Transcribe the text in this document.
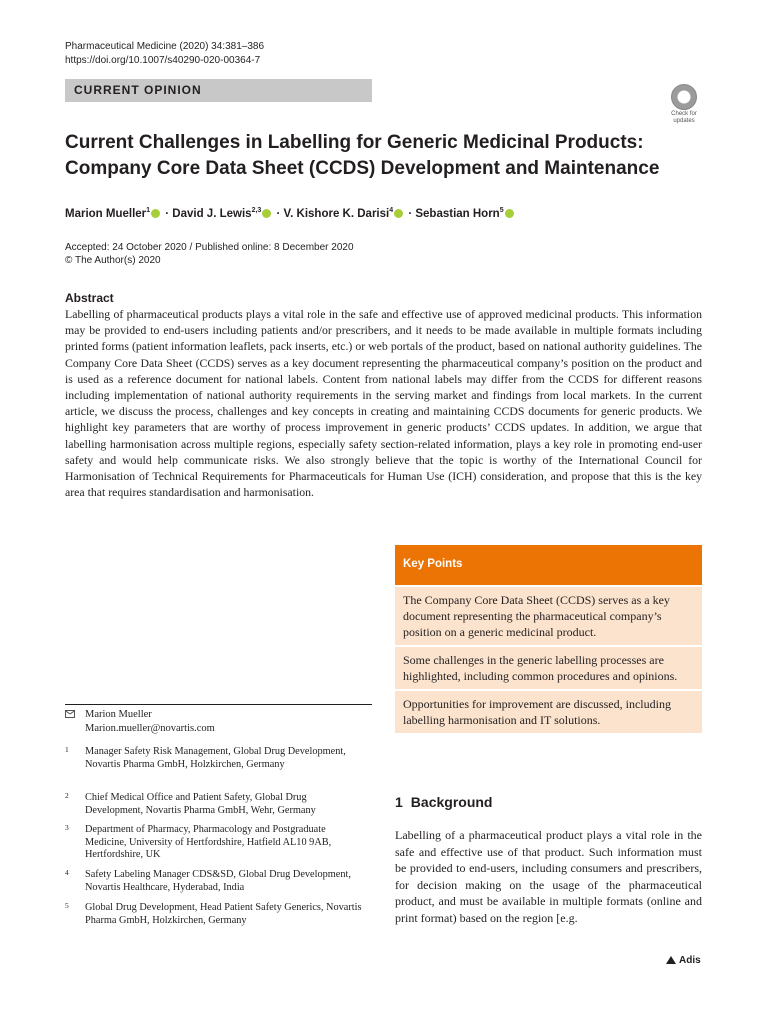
Pharmaceutical Medicine (2020) 34:381–386
https://doi.org/10.1007/s40290-020-00364-7
CURRENT OPINION
Check for
updates
Current Challenges in Labelling for Generic Medicinal Products:
Company Core Data Sheet (CCDS) Development and Maintenance
Marion Mueller$^1$ · David J. Lewis$^{2,3}$ · V. Kishore K. Darisi$^4$ · Sebastian Horn$^5$
Accepted: 24 October 2020 / Published online: 8 December 2020
© The Author(s) 2020
Abstract
Labelling of pharmaceutical products plays a vital role in the safe and effective use of approved medicinal products. This information may be provided to end-users including patients and/or prescribers, and it needs to be made available in multiple formats including printed forms (patient information leaflets, pack inserts, etc.) or web portals of the product, based on national authority guidelines. The Company Core Data Sheet (CCDS) serves as a key document representing the pharmaceutical company’s position on the product and is used as a reference document for national labels. Content from national labels may differ from the CCDS for different reasons including implementation of national authority requirements in the serving market and findings from local markets. In the current article, we discuss the process, challenges and key concepts in creating and maintaining CCDS documents for generic products. We highlight key parameters that are worthy of process improvement in generic products’ CCDS updates. In addition, we argue that labelling harmonisation across multiple regions, especially safety section-related information, plays a key role in promoting end-user safety and would help communicate risks. We also strongly believe that the topic is worthy of the International Council for Harmonisation of Technical Requirements for Pharmaceuticals for Human Use (ICH) consideration, and propose that this is the key area that requires standardisation and harmonisation.
Key Points
The Company Core Data Sheet (CCDS) serves as a key document representing the pharmaceutical company’s position on a generic medicinal product.
Some challenges in the generic labelling processes are highlighted, including common procedures and opinions.
Opportunities for improvement are discussed, including labelling harmonisation and IT solutions.
Marion Mueller
Marion.mueller@novartis.com
1 Manager Safety Risk Management, Global Drug Development, Novartis Pharma GmbH, Holzkirchen, Germany
2 Chief Medical Office and Patient Safety, Global Drug Development, Novartis Pharma GmbH, Wehr, Germany
3 Department of Pharmacy, Pharmacology and Postgraduate Medicine, University of Hertfordshire, Hatfield AL10 9AB, Hertfordshire, UK
4 Safety Labeling Manager CDS&SD, Global Drug Development, Novartis Healthcare, Hyderabad, India
5 Global Drug Development, Head Patient Safety Generics, Novartis Pharma GmbH, Holzkirchen, Germany
1 Background
Labelling of a pharmaceutical product plays a vital role in the safe and effective use of that product. Such information must be provided to end-users, including consumers and prescribers, for decision making on the usage of the pharmaceutical product, and must be available in multiple formats (online and print format) based on the region [e.g.
Adis
